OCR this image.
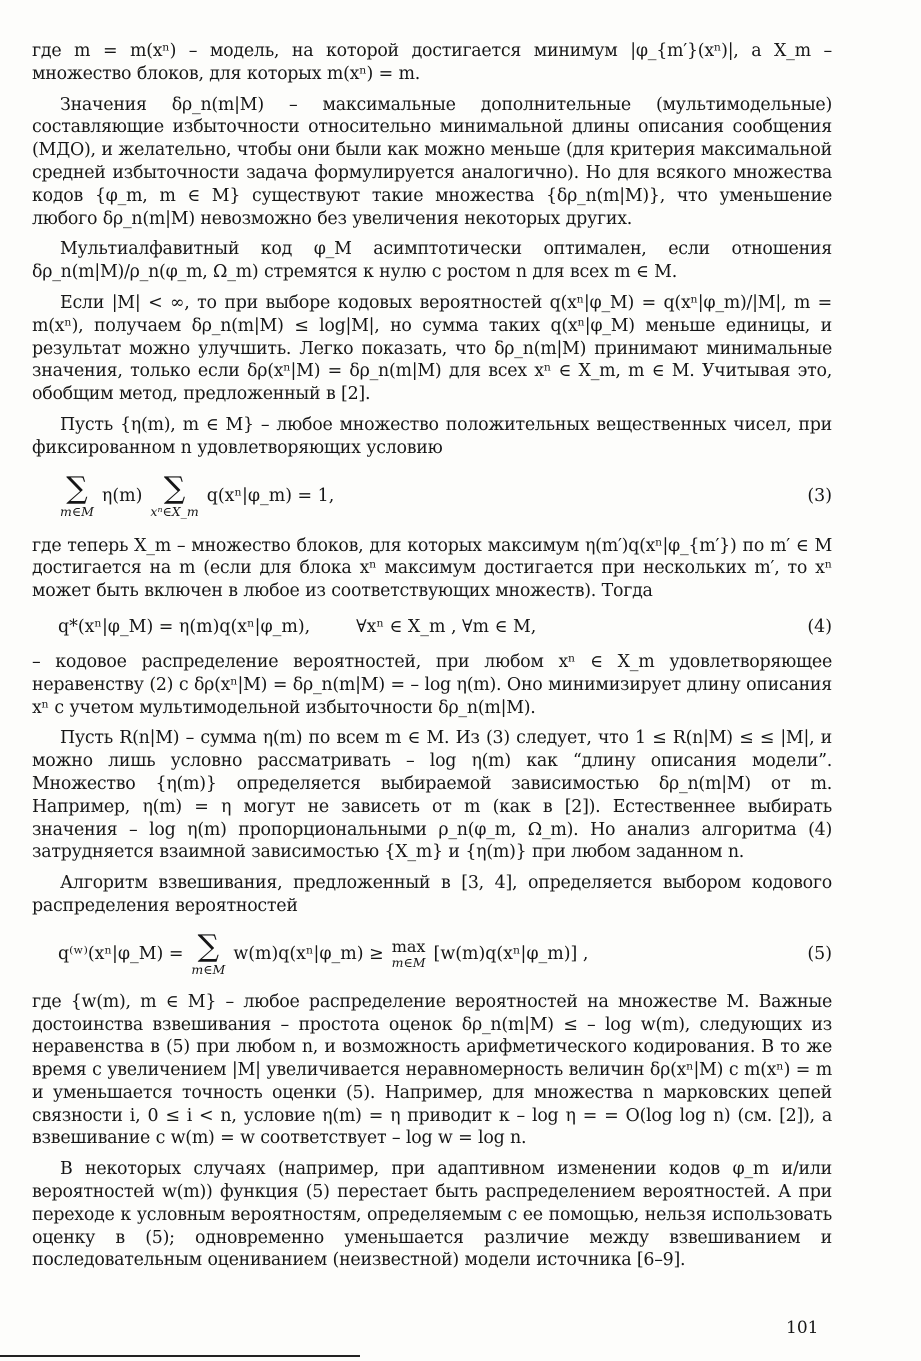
где m = m(xⁿ) – модель, на которой достигается минимум |φ_{m′}(xⁿ)|, а X_m – множество блоков, для которых m(xⁿ) = m.

Значения δρ_n(m|M) – максимальные дополнительные (мультимодельные) составляющие избыточности относительно минимальной длины описания сообщения (МДО), и желательно, чтобы они были как можно меньше (для критерия максимальной средней избыточности задача формулируется аналогично). Но для всякого множества кодов {φ_m, m ∈ M} существуют такие множества {δρ_n(m|M)}, что уменьшение любого δρ_n(m|M) невозможно без увеличения некоторых других.

Мультиалфавитный код φ_M асимптотически оптимален, если отношения δρ_n(m|M)/ρ_n(φ_m, Ω_m) стремятся к нулю с ростом n для всех m ∈ M.

Если |M| < ∞, то при выборе кодовых вероятностей q(xⁿ|φ_M) = q(xⁿ|φ_m)/|M|, m = m(xⁿ), получаем δρ_n(m|M) ≤ log|M|, но сумма таких q(xⁿ|φ_M) меньше единицы, и результат можно улучшить. Легко показать, что δρ_n(m|M) принимают минимальные значения, только если δρ(xⁿ|M) = δρ_n(m|M) для всех xⁿ ∈ X_m, m ∈ M. Учитывая это, обобщим метод, предложенный в [2].

Пусть {η(m), m ∈ M} – любое множество положительных вещественных чисел, при фиксированном n удовлетворяющих условию

∑
m∈M
η(m) ∑
xⁿ∈X_m
q(xⁿ|φ_m) = 1,	(3)

где теперь X_m – множество блоков, для которых максимум η(m′)q(xⁿ|φ_{m′}) по m′ ∈ M достигается на m (если для блока xⁿ максимум достигается при нескольких m′, то xⁿ может быть включен в любое из соответствующих множеств). Тогда

q*(xⁿ|φ_M) = η(m)q(xⁿ|φ_m),	∀xⁿ ∈ X_m , ∀m ∈ M,	(4)

– кодовое распределение вероятностей, при любом xⁿ ∈ X_m удовлетворяющее неравенству (2) с δρ(xⁿ|M) = δρ_n(m|M) = – log η(m). Оно минимизирует длину описания xⁿ с учетом мультимодельной избыточности δρ_n(m|M).

Пусть R(n|M) – сумма η(m) по всем m ∈ M. Из (3) следует, что 1 ≤ R(n|M) ≤ ≤ |M|, и можно лишь условно рассматривать – log η(m) как “длину описания модели”. Множество {η(m)} определяется выбираемой зависимостью δρ_n(m|M) от m. Например, η(m) = η могут не зависеть от m (как в [2]). Естественнее выбирать значения – log η(m) пропорциональными ρ_n(φ_m, Ω_m). Но анализ алгоритма (4) затрудняется взаимной зависимостью {X_m} и {η(m)} при любом заданном n.

Алгоритм взвешивания, предложенный в [3, 4], определяется выбором кодового распределения вероятностей

q⁽ʷ⁾(xⁿ|φ_M) = ∑
m∈M
w(m)q(xⁿ|φ_m) ≥ max
m∈M [w(m)q(xⁿ|φ_m)] ,	(5)

где {w(m), m ∈ M} – любое распределение вероятностей на множестве M. Важные достоинства взвешивания – простота оценок δρ_n(m|M) ≤ – log w(m), следующих из неравенства в (5) при любом n, и возможность арифметического кодирования. В то же время с увеличением |M| увеличивается неравномерность величин δρ(xⁿ|M) с m(xⁿ) = m и уменьшается точность оценки (5). Например, для множества n марковских цепей связности i, 0 ≤ i < n, условие η(m) = η приводит к – log η = = O(log log n) (см. [2]), а взвешивание с w(m) = w соответствует – log w = log n.

В некоторых случаях (например, при адаптивном изменении кодов φ_m и/или вероятностей w(m)) функция (5) перестает быть распределением вероятностей. А при переходе к условным вероятностям, определяемым с ее помощью, нельзя использовать оценку в (5); одновременно уменьшается различие между взвешиванием и последовательным оцениванием (неизвестной) модели источника [6–9].

101
